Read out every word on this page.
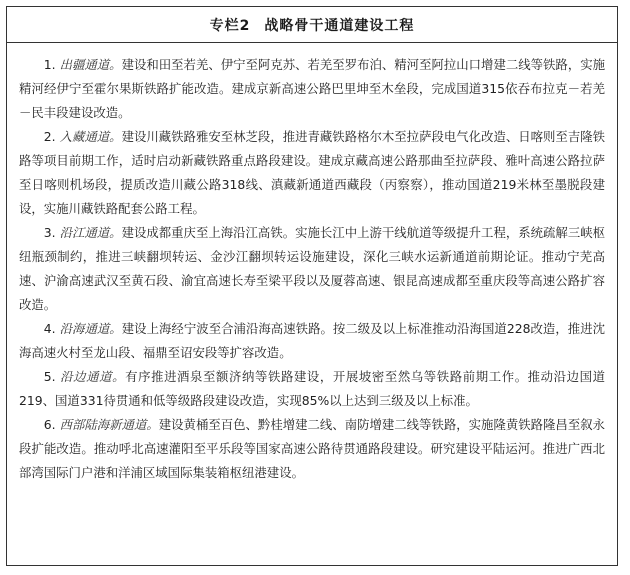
专栏2 战略骨干通道建设工程

1. 出疆通道。建设和田至若羌、伊宁至阿克苏、若羌至罗布泊、精河至阿拉山口增建二线等铁路，实施精河经伊宁至霍尔果斯铁路扩能改造。建成京新高速公路巴里坤至木垒段，完成国道315依吞布拉克－若羌－民丰段建设改造。

2. 入藏通道。建设川藏铁路雅安至林芝段，推进青藏铁路格尔木至拉萨段电气化改造、日喀则至吉隆铁路等项目前期工作，适时启动新藏铁路重点路段建设。建成京藏高速公路那曲至拉萨段、雅叶高速公路拉萨至日喀则机场段，提质改造川藏公路318线、滇藏新通道西藏段（丙察察），推动国道219米林至墨脱段建设，实施川藏铁路配套公路工程。

3. 沿江通道。建设成都重庆至上海沿江高铁。实施长江中上游干线航道等级提升工程，系统疏解三峡枢纽瓶颈制约，推进三峡翻坝转运、金沙江翻坝转运设施建设，深化三峡水运新通道前期论证。推动宁芜高速、沪渝高速武汉至黄石段、渝宜高速长寿至梁平段以及厦蓉高速、银昆高速成都至重庆段等高速公路扩容改造。

4. 沿海通道。建设上海经宁波至合浦沿海高速铁路。按二级及以上标准推动沿海国道228改造，推进沈海高速火村至龙山段、福鼎至诏安段等扩容改造。

5. 沿边通道。有序推进酒泉至额济纳等铁路建设，开展坡密至然乌等铁路前期工作。推动沿边国道219、国道331待贯通和低等级路段建设改造，实现85%以上达到三级及以上标准。

6. 西部陆海新通道。建设黄桶至百色、黔桂增建二线、南防增建二线等铁路，实施隆黄铁路隆昌至叙永段扩能改造。推动呼北高速灌阳至平乐段等国家高速公路待贯通路段建设。研究建设平陆运河。推进广西北部湾国际门户港和洋浦区域国际集装箱枢纽港建设。
